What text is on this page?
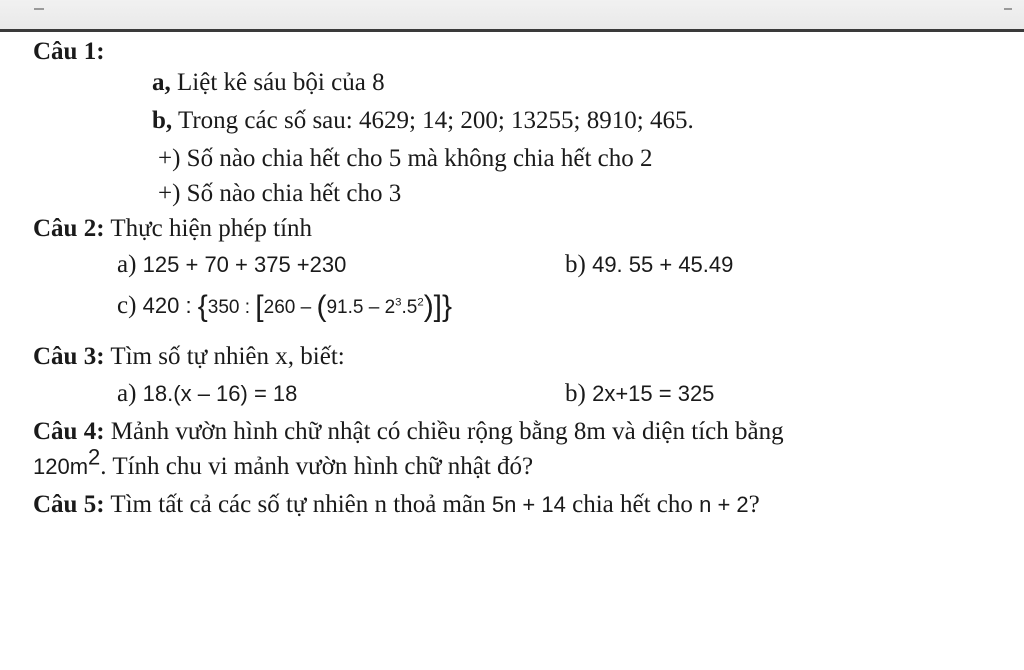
Câu 1:
a, Liệt kê sáu bội của 8
b, Trong các số sau: 4629; 14; 200; 13255; 8910; 465.
+) Số nào chia hết cho 5 mà không chia hết cho 2
+) Số nào chia hết cho 3
Câu 2: Thực hiện phép tính
a) 125 + 70 + 375 +230	b) 49. 55 + 45.49
c) 420 : {350 : $[260 - (91.5 - 2^3.5^2)]$}
Câu 3: Tìm số tự nhiên x, biết:
a) 18.(x – 16) = 18	b) 2x+15 = 325
Câu 4: Mảnh vườn hình chữ nhật có chiều rộng bằng 8m và diện tích bằng
$120m^2$. Tính chu vi mảnh vườn hình chữ nhật đó?
Câu 5: Tìm tất cả các số tự nhiên n thoả mãn 5n + 14 chia hết cho n + 2?
